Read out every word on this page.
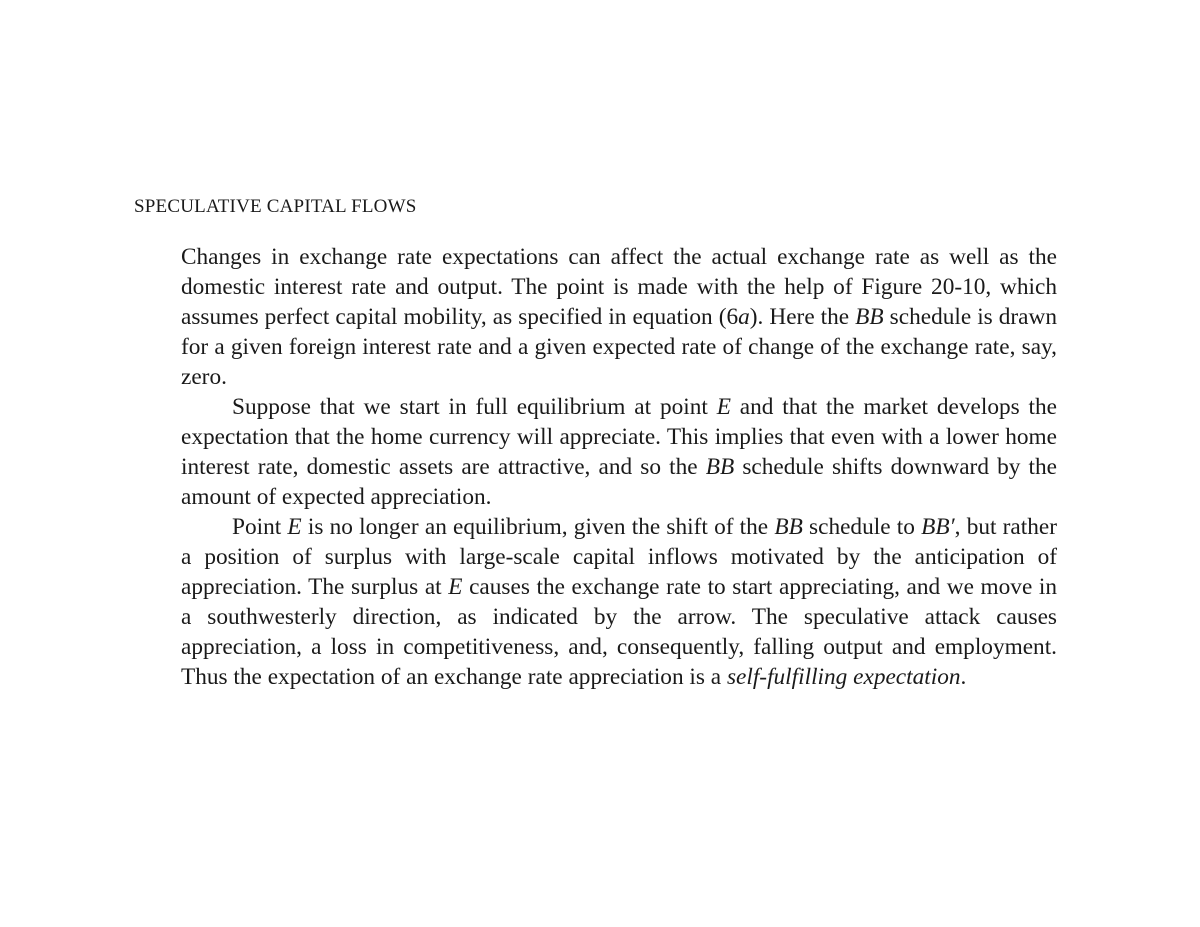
SPECULATIVE CAPITAL FLOWS

Changes in exchange rate expectations can affect the actual exchange rate as well as the domestic interest rate and output. The point is made with the help of Figure 20-10, which assumes perfect capital mobility, as specified in equation (6a). Here the BB schedule is drawn for a given foreign interest rate and a given expected rate of change of the exchange rate, say, zero.

Suppose that we start in full equilibrium at point E and that the market develops the expectation that the home currency will appreciate. This implies that even with a lower home interest rate, domestic assets are attractive, and so the BB schedule shifts downward by the amount of expected appreciation.

Point E is no longer an equilibrium, given the shift of the BB schedule to BB′, but rather a position of surplus with large-scale capital inflows motivated by the anticipation of appreciation. The surplus at E causes the exchange rate to start appreciating, and we move in a southwesterly direction, as indicated by the arrow. The speculative attack causes appreciation, a loss in competitiveness, and, consequently, falling output and employment. Thus the expectation of an exchange rate appreciation is a self-fulfilling expectation.
